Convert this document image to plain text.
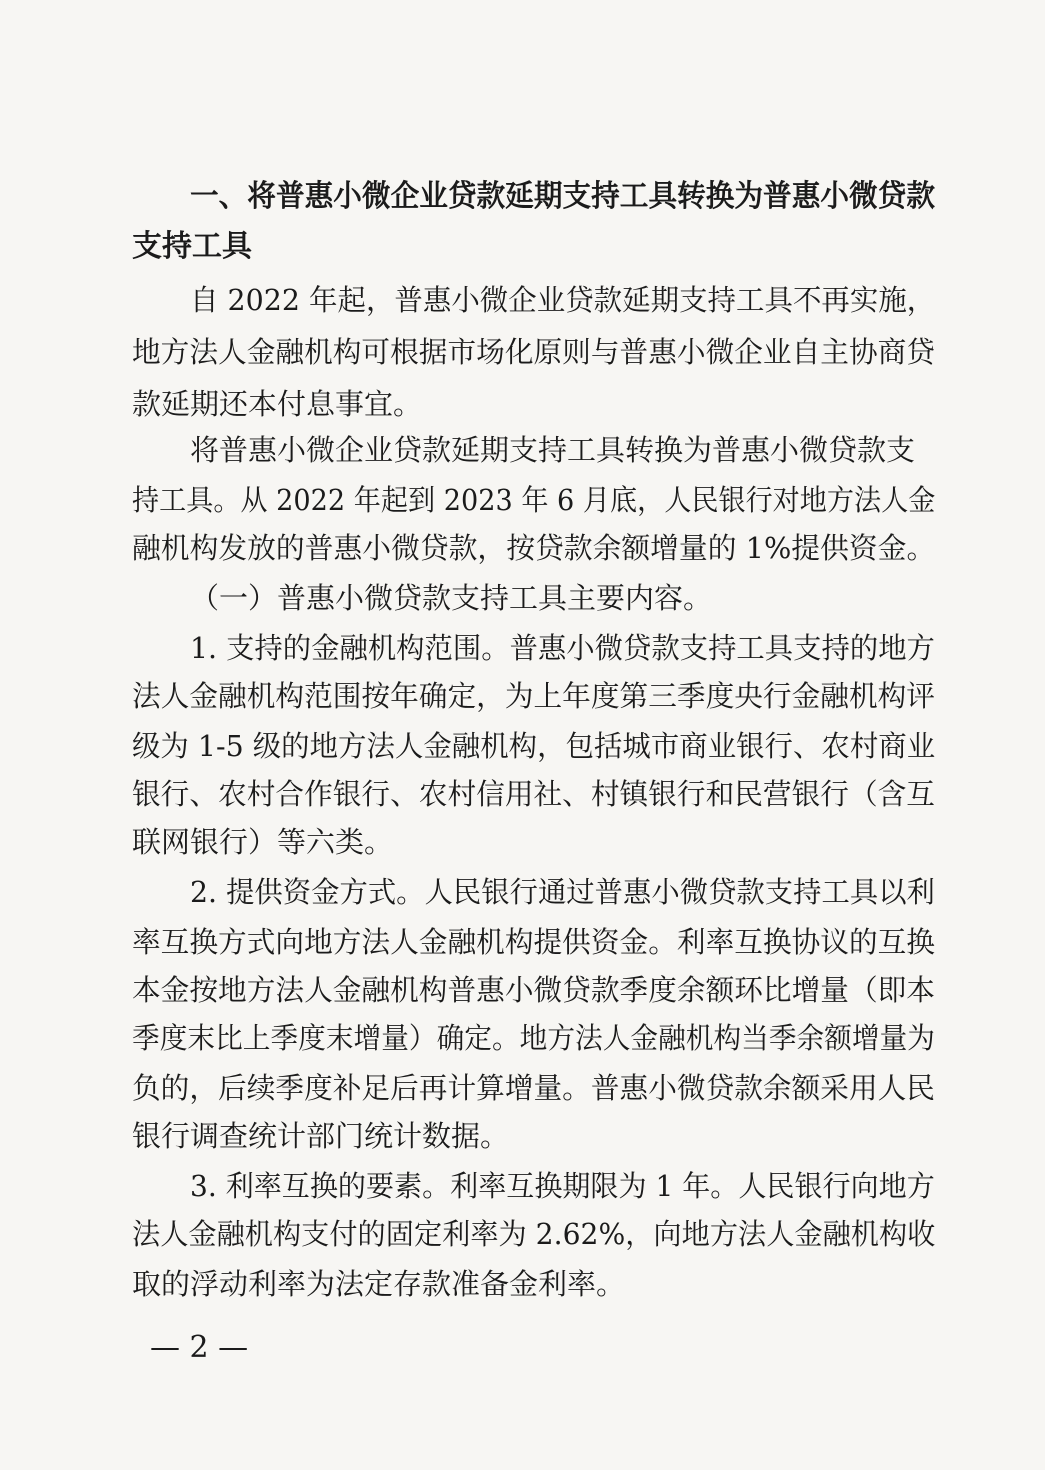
一、将普惠小微企业贷款延期支持工具转换为普惠小微贷款
支持工具
自 2022 年起，普惠小微企业贷款延期支持工具不再实施，
地方法人金融机构可根据市场化原则与普惠小微企业自主协商贷
款延期还本付息事宜。
将普惠小微企业贷款延期支持工具转换为普惠小微贷款支
持工具。从 2022 年起到 2023 年 6 月底，人民银行对地方法人金
融机构发放的普惠小微贷款，按贷款余额增量的 1%提供资金。
（一）普惠小微贷款支持工具主要内容。
1. 支持的金融机构范围。普惠小微贷款支持工具支持的地方
法人金融机构范围按年确定，为上年度第三季度央行金融机构评
级为 1-5 级的地方法人金融机构，包括城市商业银行、农村商业
银行、农村合作银行、农村信用社、村镇银行和民营银行（含互
联网银行）等六类。
2. 提供资金方式。人民银行通过普惠小微贷款支持工具以利
率互换方式向地方法人金融机构提供资金。利率互换协议的互换
本金按地方法人金融机构普惠小微贷款季度余额环比增量（即本
季度末比上季度末增量）确定。地方法人金融机构当季余额增量为
负的，后续季度补足后再计算增量。普惠小微贷款余额采用人民
银行调查统计部门统计数据。
3. 利率互换的要素。利率互换期限为 1 年。人民银行向地方
法人金融机构支付的固定利率为 2.62%，向地方法人金融机构收
取的浮动利率为法定存款准备金利率。
— 2 —
